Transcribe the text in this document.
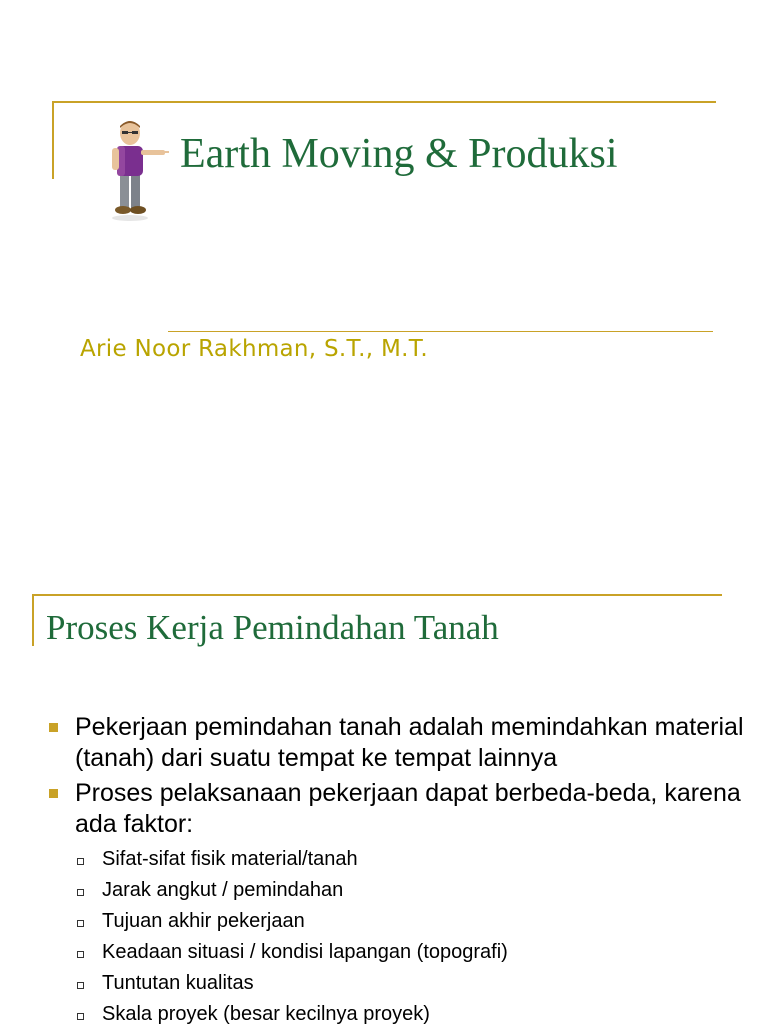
Earth Moving & Produksi
Arie Noor Rakhman, S.T., M.T.
Proses Kerja Pemindahan Tanah
Pekerjaan pemindahan tanah adalah memindahkan material (tanah) dari suatu tempat ke tempat lainnya
Proses pelaksanaan pekerjaan dapat berbeda-beda, karena ada faktor:
Sifat-sifat fisik material/tanah
Jarak angkut / pemindahan
Tujuan akhir pekerjaan
Keadaan situasi / kondisi lapangan (topografi)
Tuntutan kualitas
Skala proyek (besar kecilnya proyek)
